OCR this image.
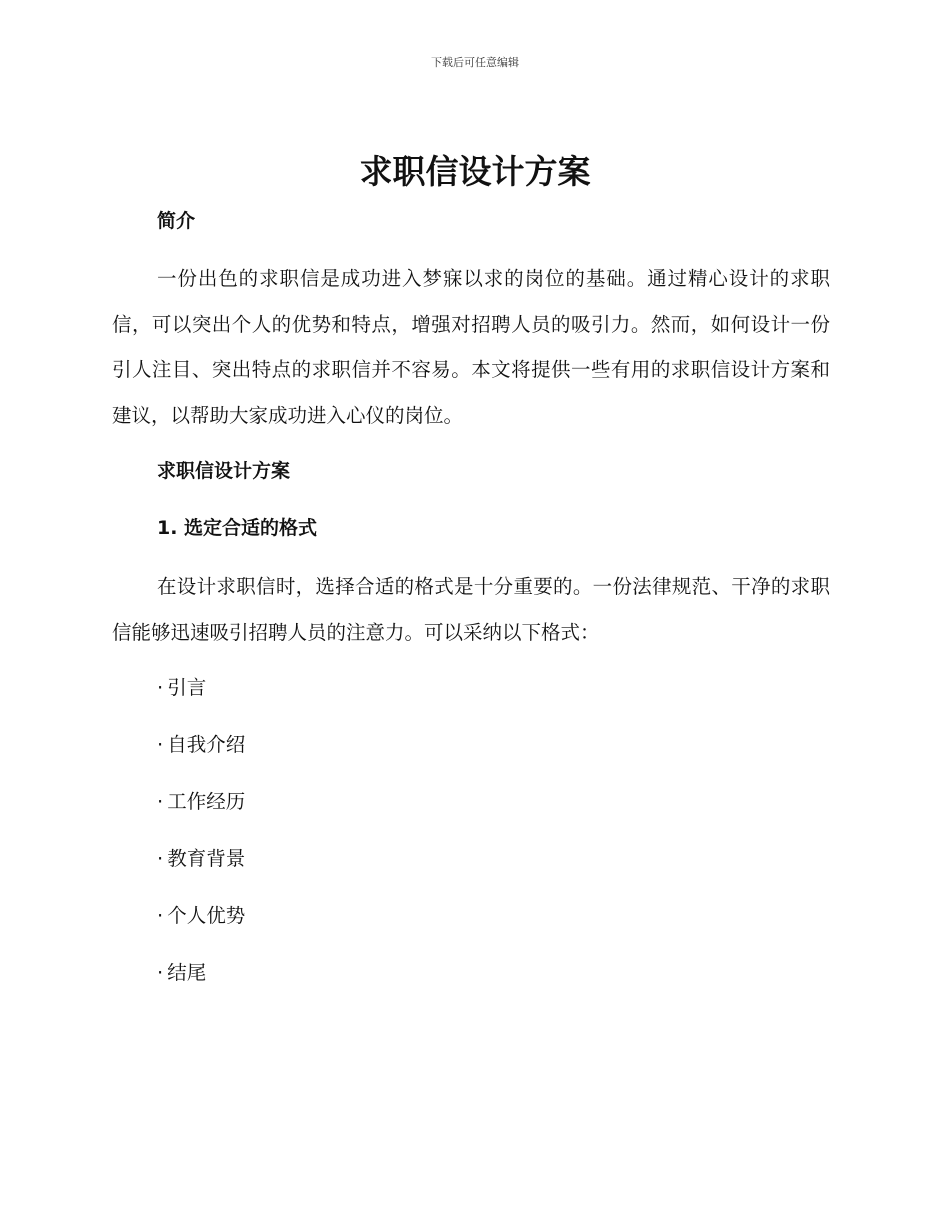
下载后可任意编辑
求职信设计方案
简介

一份出色的求职信是成功进入梦寐以求的岗位的基础。通过精心设计的求职信，可以突出个人的优势和特点，增强对招聘人员的吸引力。然而，如何设计一份引人注目、突出特点的求职信并不容易。本文将提供一些有用的求职信设计方案和建议，以帮助大家成功进入心仪的岗位。

求职信设计方案
1. 选定合适的格式

在设计求职信时，选择合适的格式是十分重要的。一份法律规范、干净的求职信能够迅速吸引招聘人员的注意力。可以采纳以下格式：

· 引言
· 自我介绍
· 工作经历
· 教育背景
· 个人优势
· 结尾
